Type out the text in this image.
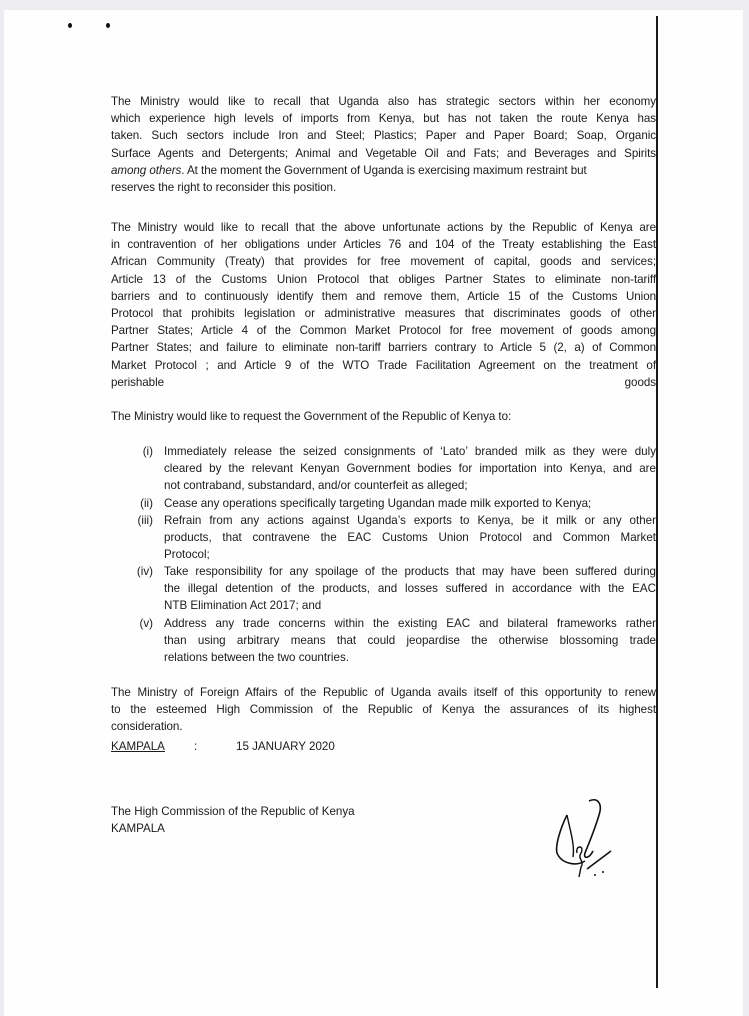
The Ministry would like to recall that Uganda also has strategic sectors within her economy
which experience high levels of imports from Kenya, but has not taken the route Kenya has
taken. Such sectors include Iron and Steel; Plastics; Paper and Paper Board; Soap, Organic
Surface Agents and Detergents; Animal and Vegetable Oil and Fats; and Beverages and Spirits
among others. At the moment the Government of Uganda is exercising maximum restraint but
reserves the right to reconsider this position.
The Ministry would like to recall that the above unfortunate actions by the Republic of Kenya are
in contravention of her obligations under Articles 76 and 104 of the Treaty establishing the East
African Community (Treaty) that provides for free movement of capital, goods and services;
Article 13 of the Customs Union Protocol that obliges Partner States to eliminate non-tariff
barriers and to continuously identify them and remove them, Article 15 of the Customs Union
Protocol that prohibits legislation or administrative measures that discriminates goods of other
Partner States; Article 4 of the Common Market Protocol for free movement of goods among
Partner States; and failure to eliminate non-tariff barriers contrary to Article 5 (2, a) of Common
Market Protocol ; and Article 9 of the WTO Trade Facilitation Agreement on the treatment of
perishable	goods
The Ministry would like to request the Government of the Republic of Kenya to:
(i) Immediately release the seized consignments of ‘Lato’ branded milk as they were duly
cleared by the relevant Kenyan Government bodies for importation into Kenya, and are
not contraband, substandard, and/or counterfeit as alleged;
(ii) Cease any operations specifically targeting Ugandan made milk exported to Kenya;
(iii) Refrain from any actions against Uganda’s exports to Kenya, be it milk or any other
products, that contravene the EAC Customs Union Protocol and Common Market
Protocol;
(iv) Take responsibility for any spoilage of the products that may have been suffered during
the illegal detention of the products, and losses suffered in accordance with the EAC
NTB Elimination Act 2017; and
(v) Address any trade concerns within the existing EAC and bilateral frameworks rather
than using arbitrary means that could jeopardise the otherwise blossoming trade
relations between the two countries.
The Ministry of Foreign Affairs of the Republic of Uganda avails itself of this opportunity to renew
to the esteemed High Commission of the Republic of Kenya the assurances of its highest
consideration.
KAMPALA	:	15 JANUARY 2020
The High Commission of the Republic of Kenya
KAMPALA
